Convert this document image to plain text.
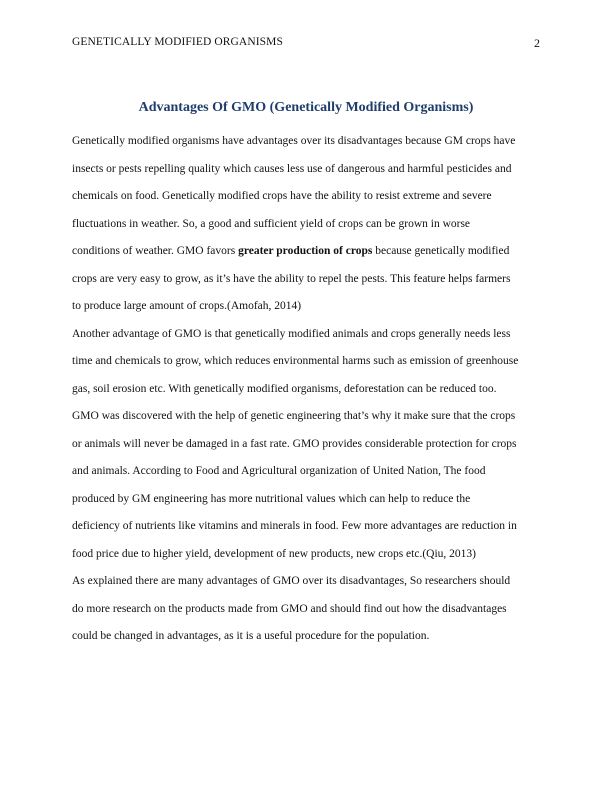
GENETICALLY MODIFIED ORGANISMS	2
Advantages Of GMO (Genetically Modified Organisms)
Genetically modified organisms have advantages over its disadvantages because GM crops have
insects or pests repelling quality which causes less use of dangerous and harmful pesticides and
chemicals on food. Genetically modified crops have the ability to resist extreme and severe
fluctuations in weather. So, a good and sufficient yield of crops can be grown in worse
conditions of weather. GMO favors greater production of crops because genetically modified
crops are very easy to grow, as it’s have the ability to repel the pests. This feature helps farmers
to produce large amount of crops.(Amofah, 2014)
Another advantage of GMO is that genetically modified animals and crops generally needs less
time and chemicals to grow, which reduces environmental harms such as emission of greenhouse
gas, soil erosion etc. With genetically modified organisms, deforestation can be reduced too.
GMO was discovered with the help of genetic engineering that’s why it make sure that the crops
or animals will never be damaged in a fast rate. GMO provides considerable protection for crops
and animals. According to Food and Agricultural organization of United Nation, The food
produced by GM engineering has more nutritional values which can help to reduce the
deficiency of nutrients like vitamins and minerals in food. Few more advantages are reduction in
food price due to higher yield, development of new products, new crops etc.(Qiu, 2013)
As explained there are many advantages of GMO over its disadvantages, So researchers should
do more research on the products made from GMO and should find out how the disadvantages
could be changed in advantages, as it is a useful procedure for the population.
